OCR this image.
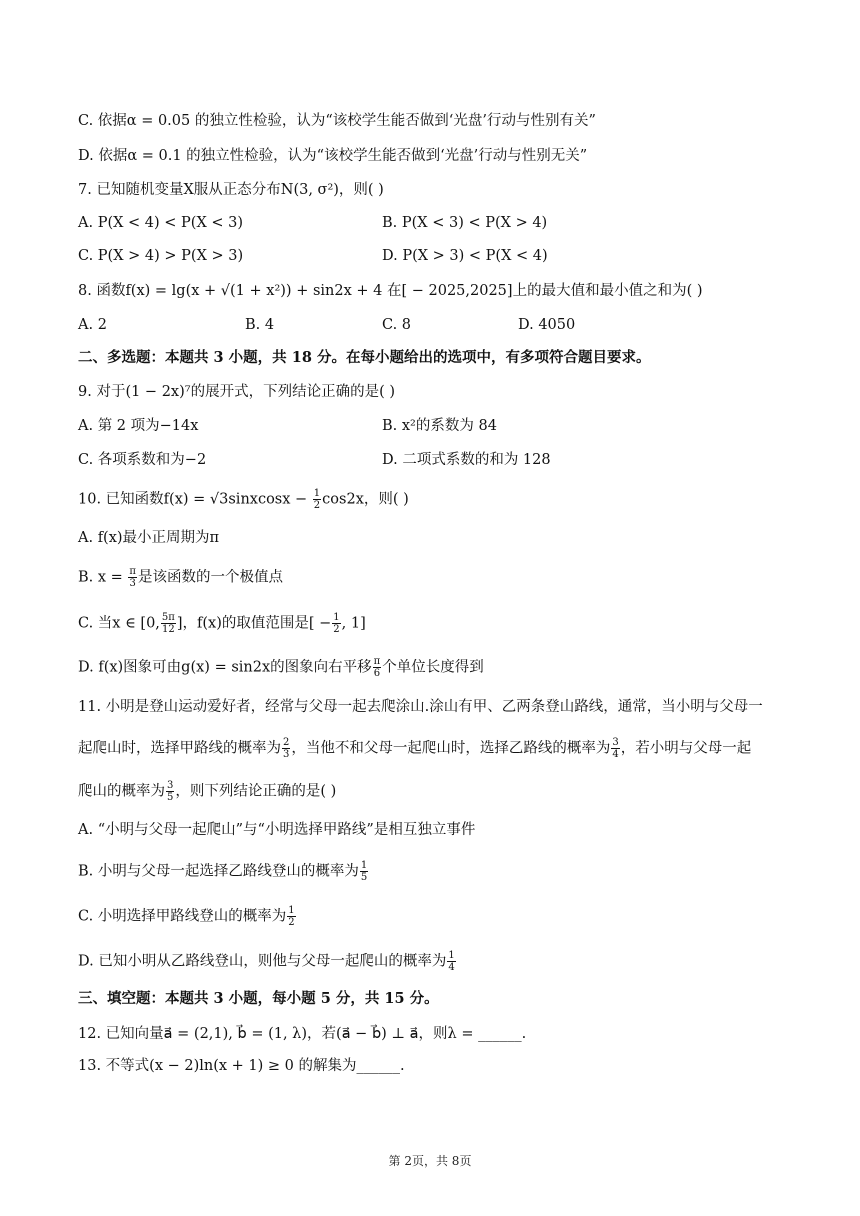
C. 依据α = 0.05 的独立性检验，认为“该校学生能否做到‘光盘’行动与性别有关”
D. 依据α = 0.1 的独立性检验，认为“该校学生能否做到‘光盘’行动与性别无关”
7. 已知随机变量X服从正态分布N(3, σ²)，则( )
A. P(X < 4) < P(X < 3)	B. P(X < 3) < P(X > 4)
C. P(X > 4) > P(X > 3)	D. P(X > 3) < P(X < 4)
8. 函数f(x) = lg(x + √(1 + x²)) + sin2x + 4 在[ − 2025,2025]上的最大值和最小值之和为( )
A. 2	B. 4	C. 8	D. 4050
二、多选题：本题共 3 小题，共 18 分。在每小题给出的选项中，有多项符合题目要求。
9. 对于(1 − 2x)⁷的展开式，下列结论正确的是( )
A. 第 2 项为−14x	B. x²的系数为 84
C. 各项系数和为−2	D. 二项式系数的和为 128
10. 已知函数f(x) = √3sinxcosx − $\frac{1}{2} \cos 2x$，则( )
A. f(x)最小正周期为π
B. $x = \frac{\pi}{3}$ 是该函数的一个极值点
C. 当x ∈ [0, $\frac{5\pi}{12}$ ]，f(x)的取值范围是[ − $\frac{1}{2}$ , 1]
D. f(x)图象可由g(x) = sin2x的图象向右平移 $\frac{\pi}{6}$ 个单位长度得到
11. 小明是登山运动爱好者，经常与父母一起去爬涂山.涂山有甲、乙两条登山路线，通常，当小明与父母一
起爬山时，选择甲路线的概率为 $\frac{2}{3}$ ，当他不和父母一起爬山时，选择乙路线的概率为 $\frac{3}{4}$ ，若小明与父母一起
爬山的概率为 $\frac{3}{5}$ ，则下列结论正确的是( )
A. “小明与父母一起爬山”与“小明选择甲路线”是相互独立事件
B. 小明与父母一起选择乙路线登山的概率为 $\frac{1}{5}$
C. 小明选择甲路线登山的概率为 $\frac{1}{2}$
D. 已知小明从乙路线登山，则他与父母一起爬山的概率为 $\frac{1}{4}$
三、填空题：本题共 3 小题，每小题 5 分，共 15 分。
12. 已知向量a⃗ = (2,1), b⃗ = (1, λ)，若(a⃗ − b⃗) ⊥ a⃗，则λ = ______.
13. 不等式(x − 2)ln(x + 1) ≥ 0 的解集为______.
第 2页，共 8页
